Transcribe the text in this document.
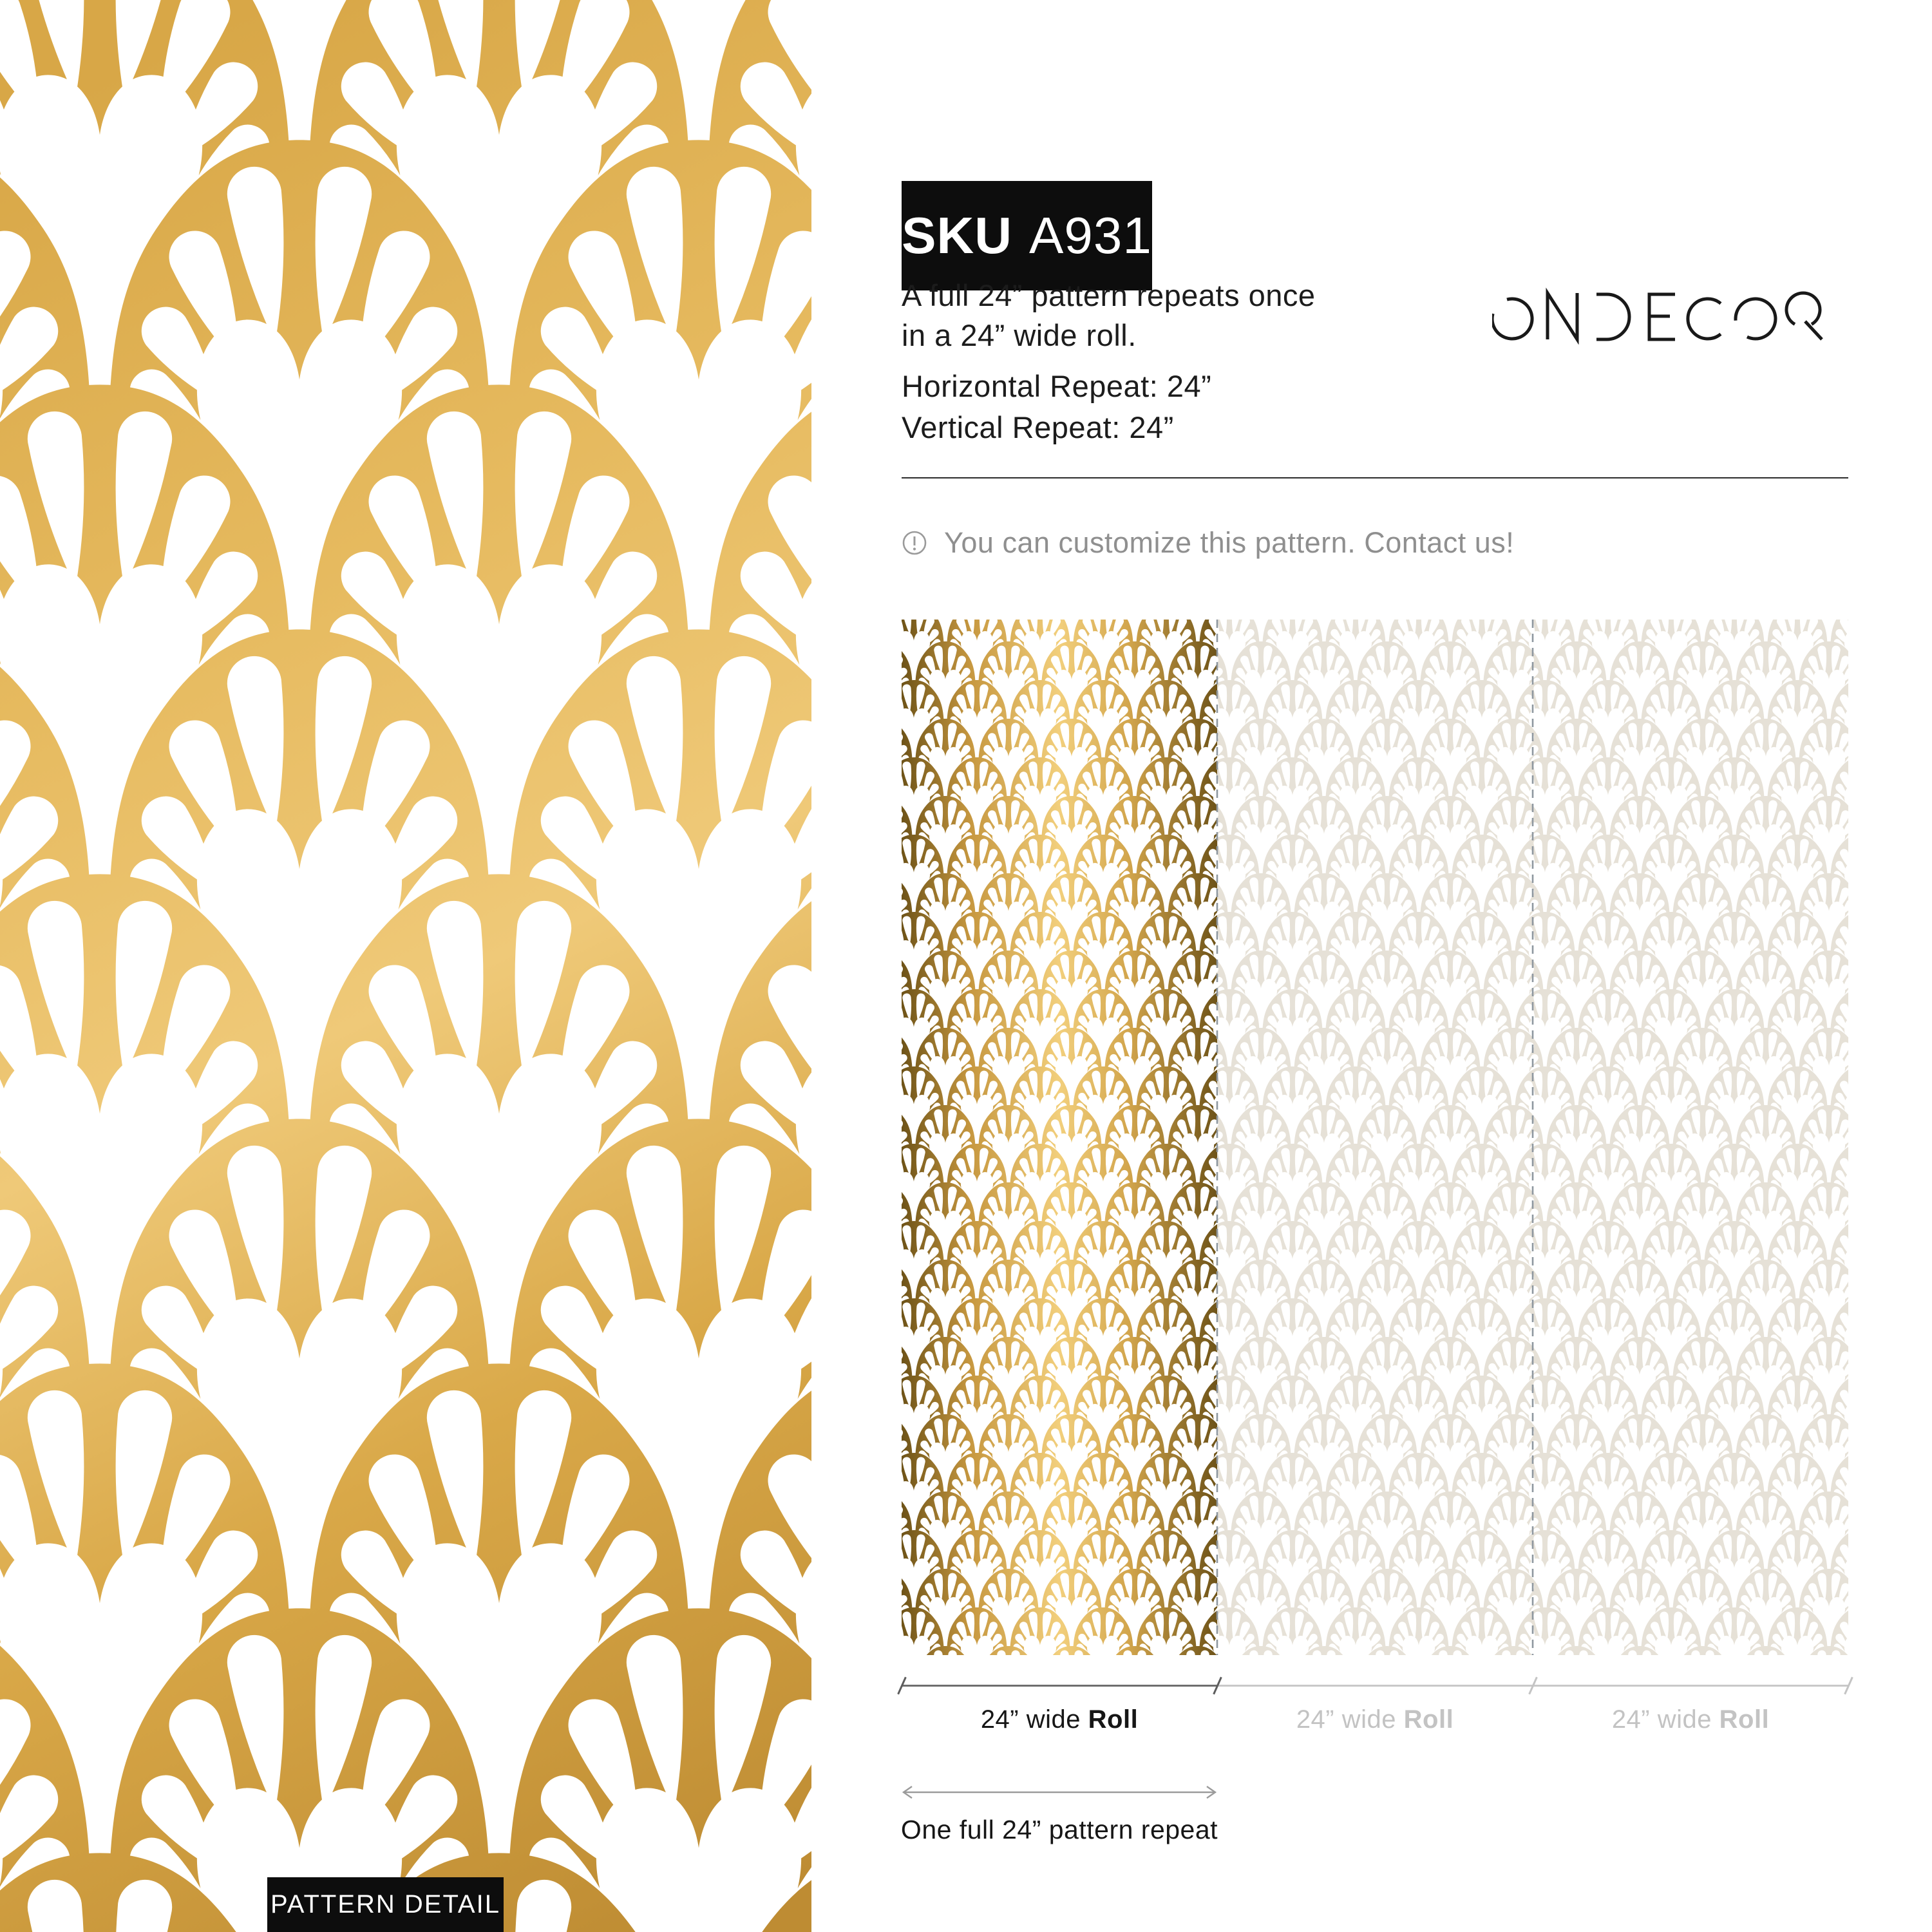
SKU A931
A full 24” pattern repeats once
in a 24” wide roll.
Horizontal Repeat: 24”
Vertical Repeat: 24”
You can customize this pattern. Contact us!
24” wide Roll	24” wide Roll	24” wide Roll
One full 24” pattern repeat
PATTERN DETAIL
